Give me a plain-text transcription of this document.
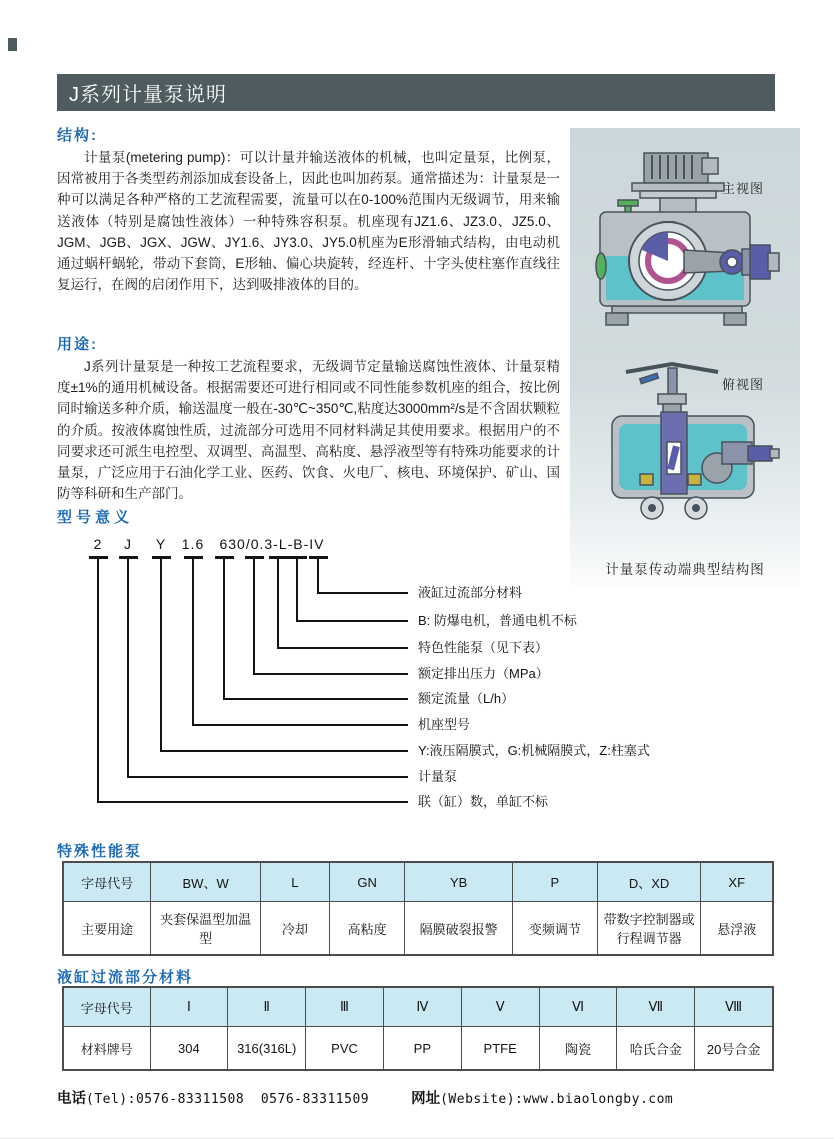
J系列计量泵说明
结构:

计量泵(metering pump)：可以计量并输送液体的机械，也叫定量泵，比例泵，因常被用于各类型药剂添加成套设备上，因此也叫加药泵。通常描述为：计量泵是一种可以满足各种严格的工艺流程需要，流量可以在0-100%范围内无级调节，用来输送液体（特别是腐蚀性液体）一种特殊容积泵。机座现有JZ1.6、JZ3.0、JZ5.0、JGM、JGB、JGX、JGW、JY1.6、JY3.0、JY5.0机座为E形滑轴式结构，由电动机通过蜗杆蜗轮，带动下套筒，E形轴、偏心块旋转，经连杆、十字头使柱塞作直线往复运行，在阀的启闭作用下，达到吸排液体的目的。

用途:

J系列计量泵是一种按工艺流程要求，无级调节定量输送腐蚀性液体、计量泵精度±1%的通用机械设备。根据需要还可进行相同或不同性能参数机座的组合，按比例同时输送多种介质，输送温度一般在-30℃~350℃,粘度达3000mm²/s是不含固状颗粒的介质。按液体腐蚀性质，过流部分可选用不同材料满足其使用要求。根据用户的不同要求还可派生电控型、双调型、高温型、高粘度、悬浮液型等有特殊功能要求的计量泵，广泛应用于石油化学工业、医药、饮食、火电厂、核电、环境保护、矿山、国防等科研和生产部门。

型号意义
2 J Y 1.6 630/0.3-L-B-IV
液缸过流部分材料
B: 防爆电机，普通电机不标
特色性能泵（见下表）
额定排出压力（MPa）
额定流量（L/h）
机座型号
Y:液压隔膜式，G:机械隔膜式，Z:柱塞式
计量泵
联（缸）数，单缸不标
主视图
俯视图
计量泵传动端典型结构图
特殊性能泵
字母代号	BW、W	L	GN	YB	P	D、XD	XF
主要用途	夹套保温型加温型	冷却	高粘度	隔膜破裂报警	变频调节	带数字控制器或行程调节器	悬浮液
液缸过流部分材料
字母代号	Ⅰ	Ⅱ	Ⅲ	Ⅳ	Ⅴ	Ⅵ	Ⅶ	Ⅷ
材料牌号	304	316(316L)	PVC	PP	PTFE	陶瓷	哈氏合金	20号合金
电话(Tel):0576-83311508  0576-83311509	网址(Website):www.biaolongby.com
